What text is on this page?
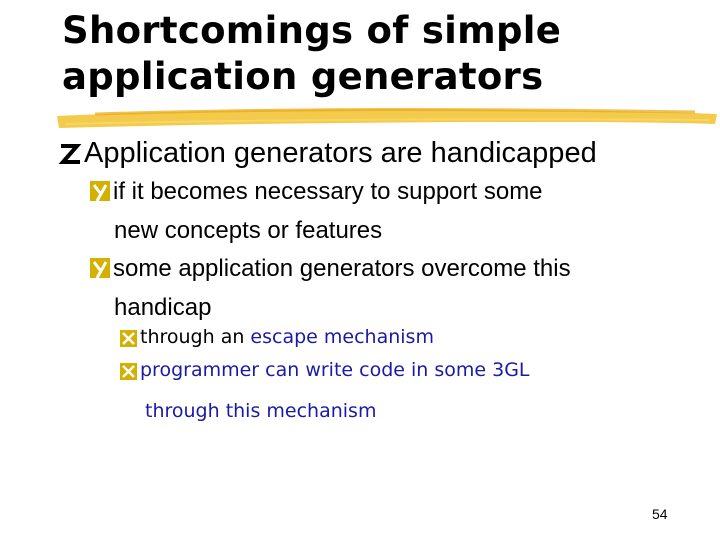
Shortcomings of simple
application generators
Application generators are handicapped
if it becomes necessary to support some
new concepts or features
some application generators overcome this
handicap
through an escape mechanism
programmer can write code in some 3GL
through this mechanism
54
